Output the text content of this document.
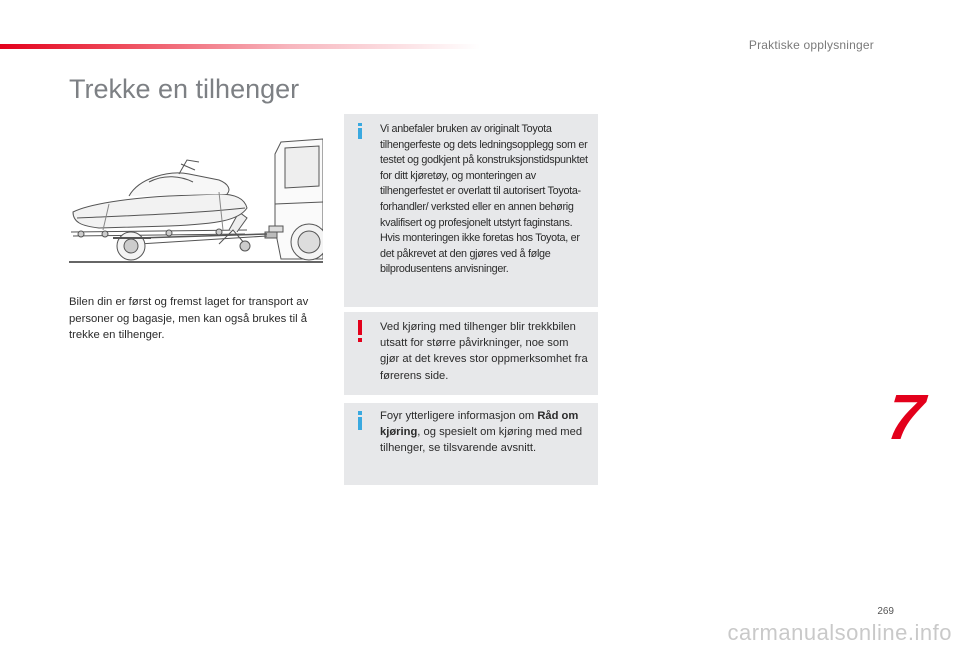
Praktiske opplysninger
Trekke en tilhenger

Bilen din er først og fremst laget for transport av personer og bagasje, men kan også brukes til å trekke en tilhenger.

Vi anbefaler bruken av originalt Toyota tilhengerfeste og dets ledningsopplegg som er testet og godkjent på konstruksjonstidspunktet for ditt kjøretøy, og monteringen av tilhengerfestet er overlatt til autorisert Toyota-forhandler/ verksted eller en annen behørig kvalifisert og profesjonelt utstyrt faginstans. Hvis monteringen ikke foretas hos Toyota, er det påkrevet at den gjøres ved å følge bilprodusentens anvisninger.

Ved kjøring med tilhenger blir trekkbilen utsatt for større påvirkninger, noe som gjør at det kreves stor oppmerksomhet fra førerens side.

Foyr ytterligere informasjon om Råd om kjøring, og spesielt om kjøring med med tilhenger, se tilsvarende avsnitt.	7
269
carmanualsonline.info
